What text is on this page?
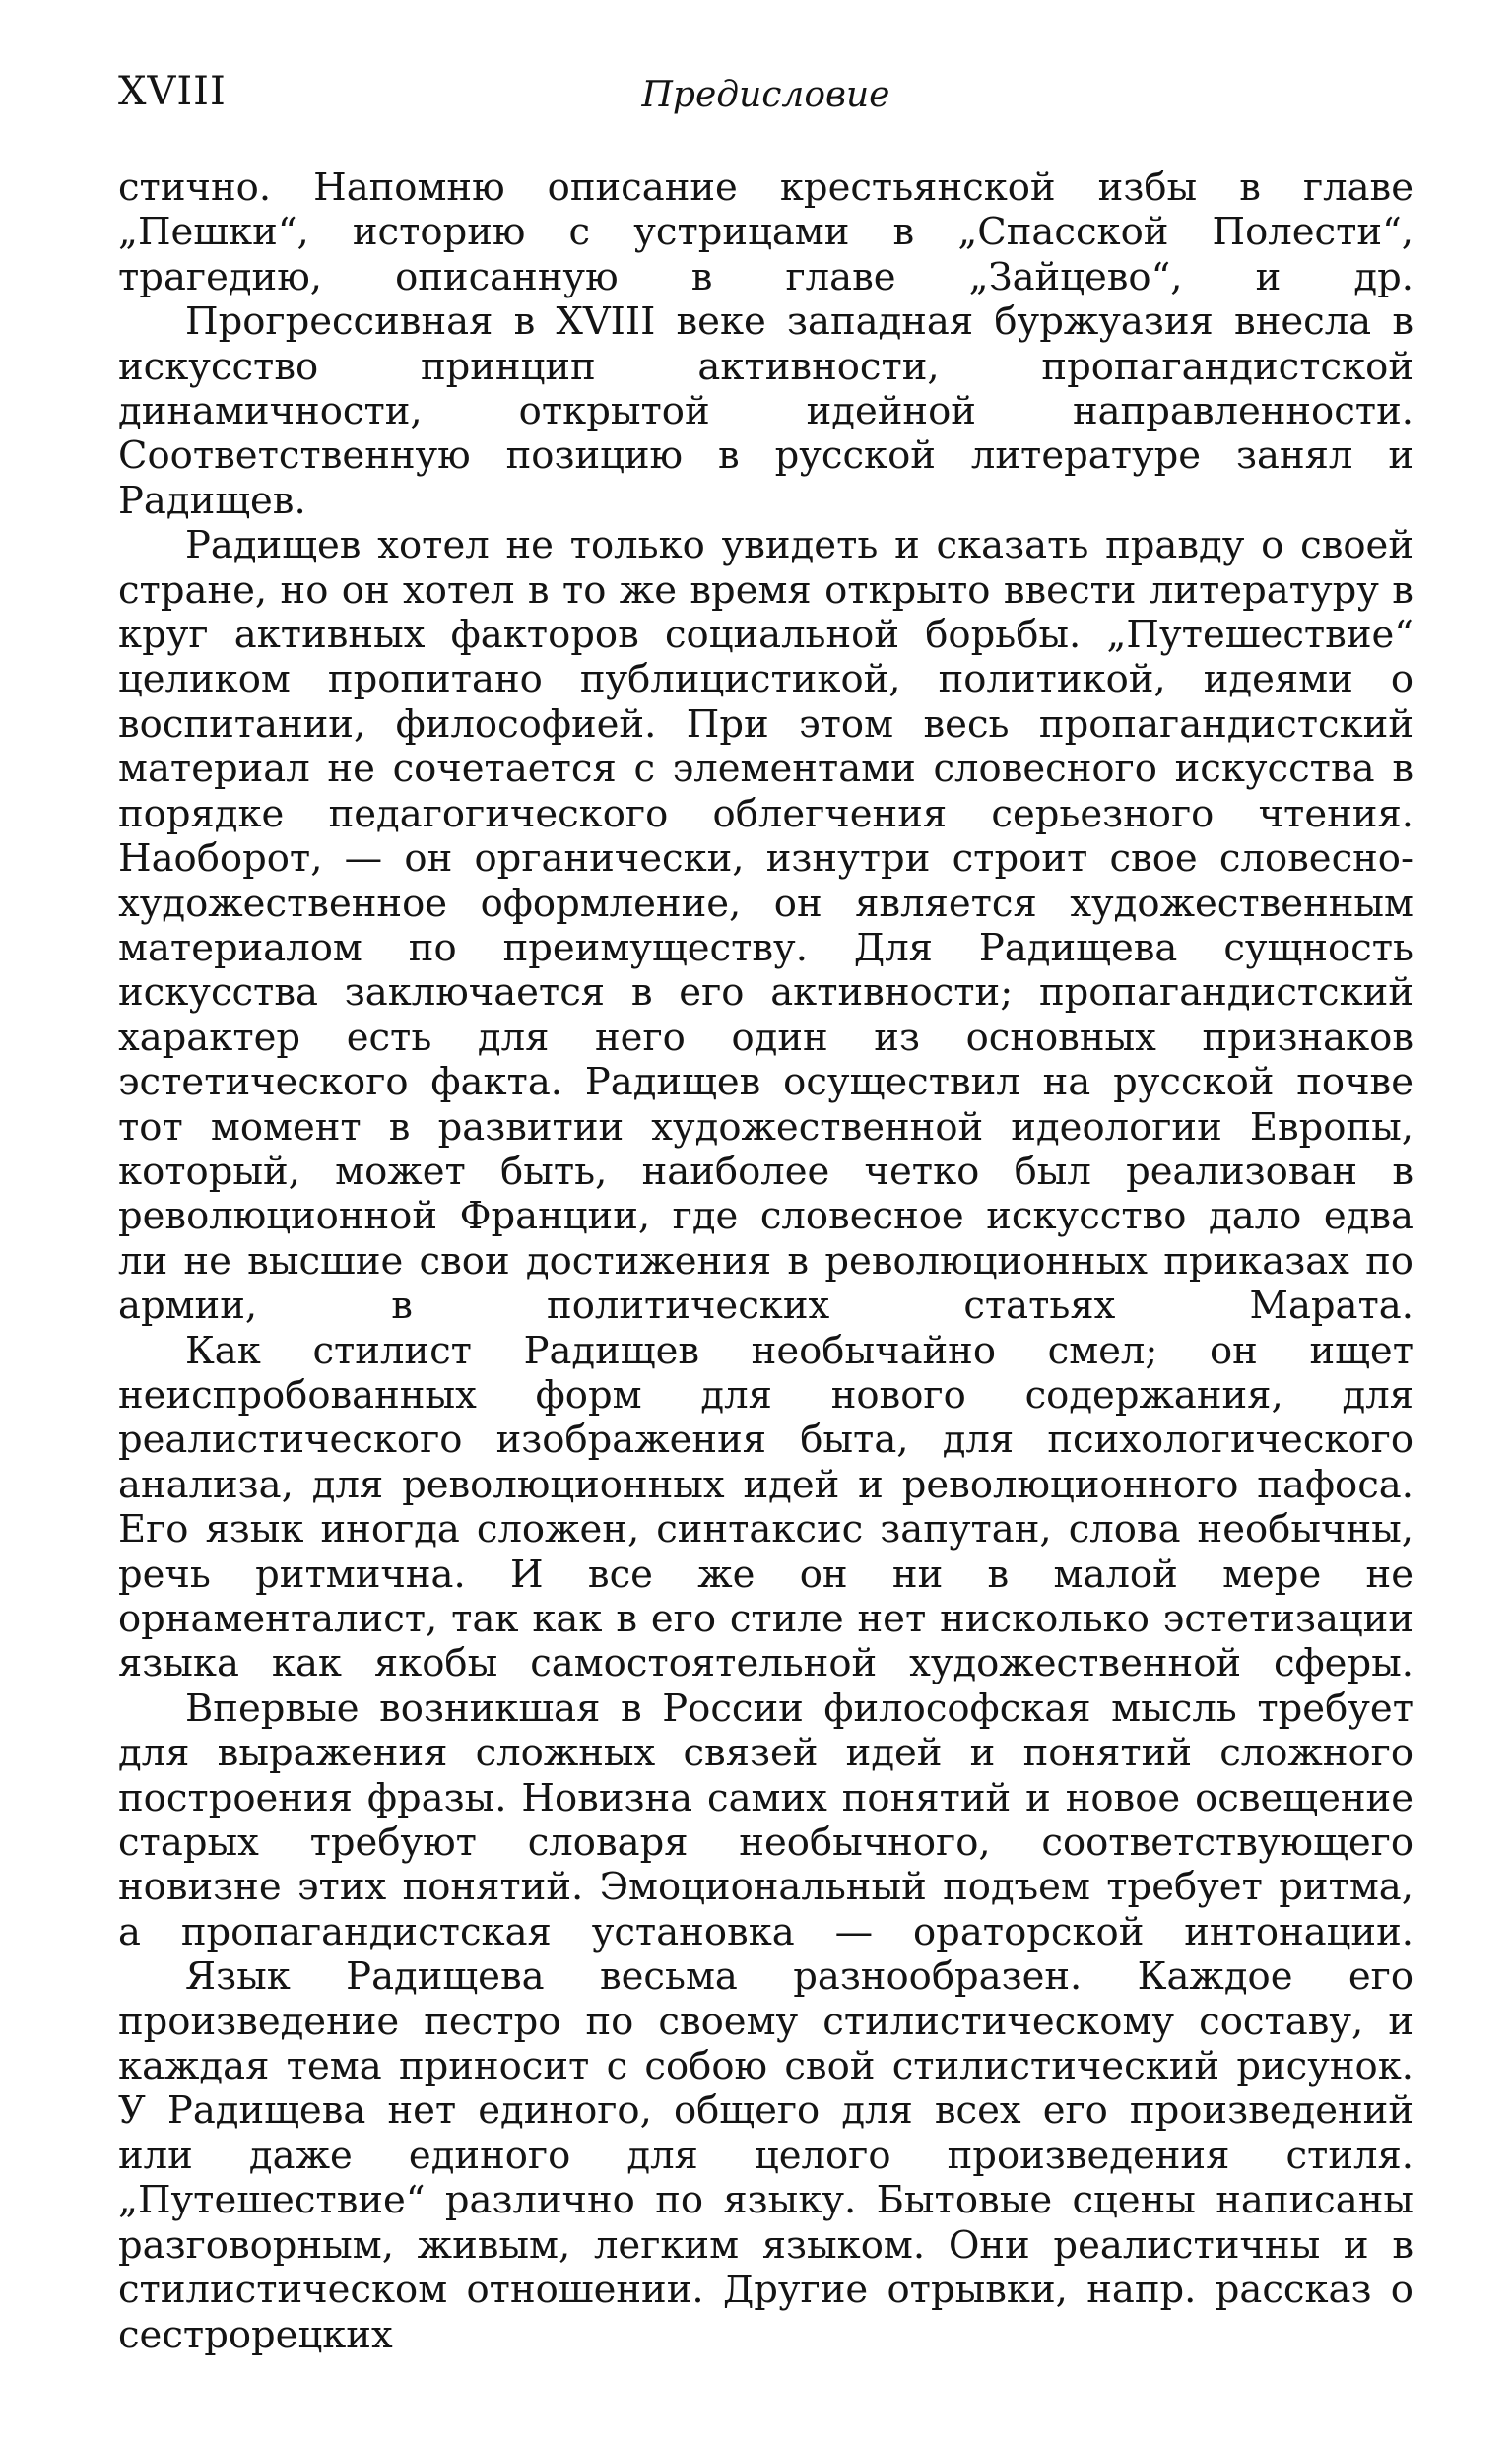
XVIII	Предисловие

стично. Напомню описание крестьянской избы в главе „Пешки“, историю с устрицами в „Спасской Полести“, трагедию, описанную в главе „Зайцево“, и др.

Прогрессивная в XVIII веке западная буржуазия внесла в искусство принцип активности, пропагандистской динамичности, открытой идейной направленности. Соответственную позицию в русской литературе занял и Радищев.

Радищев хотел не только увидеть и сказать правду о своей стране, но он хотел в то же время открыто ввести литературу в круг активных факторов социальной борьбы. „Путешествие“ целиком пропитано публицистикой, политикой, идеями о воспитании, философией. При этом весь пропагандистский материал не сочетается с элементами словесного искусства в порядке педагогического облегчения серьезного чтения. Наоборот, — он органически, изнутри строит свое словесно-художественное оформление, он является художественным материалом по преимуществу. Для Радищева сущность искусства заключается в его активности; пропагандистский характер есть для него один из основных признаков эстетического факта. Радищев осуществил на русской почве тот момент в развитии художественной идеологии Европы, который, может быть, наиболее четко был реализован в революционной Франции, где словесное искусство дало едва ли не высшие свои достижения в революционных приказах по армии, в политических статьях Марата.

Как стилист Радищев необычайно смел; он ищет неиспробованных форм для нового содержания, для реалистического изображения быта, для психологического анализа, для революционных идей и революционного пафоса. Его язык иногда сложен, синтаксис запутан, слова необычны, речь ритмична. И все же он ни в малой мере не орнаменталист, так как в его стиле нет нисколько эстетизации языка как якобы самостоятельной художественной сферы.

Впервые возникшая в России философская мысль требует для выражения сложных связей идей и понятий сложного построения фразы. Новизна самих понятий и новое освещение старых требуют словаря необычного, соответствующего новизне этих понятий. Эмоциональный подъем требует ритма, а пропагандистская установка — ораторской интонации.

Язык Радищева весьма разнообразен. Каждое его произведение пестро по своему стилистическому составу, и каждая тема приносит с собою свой стилистический рисунок. У Радищева нет единого, общего для всех его произведений или даже единого для целого произведения стиля. „Путешествие“ различно по языку. Бытовые сцены написаны разговорным, живым, легким языком. Они реалистичны и в стилистическом отношении. Другие отрывки, напр. рассказ о сестрорецких
